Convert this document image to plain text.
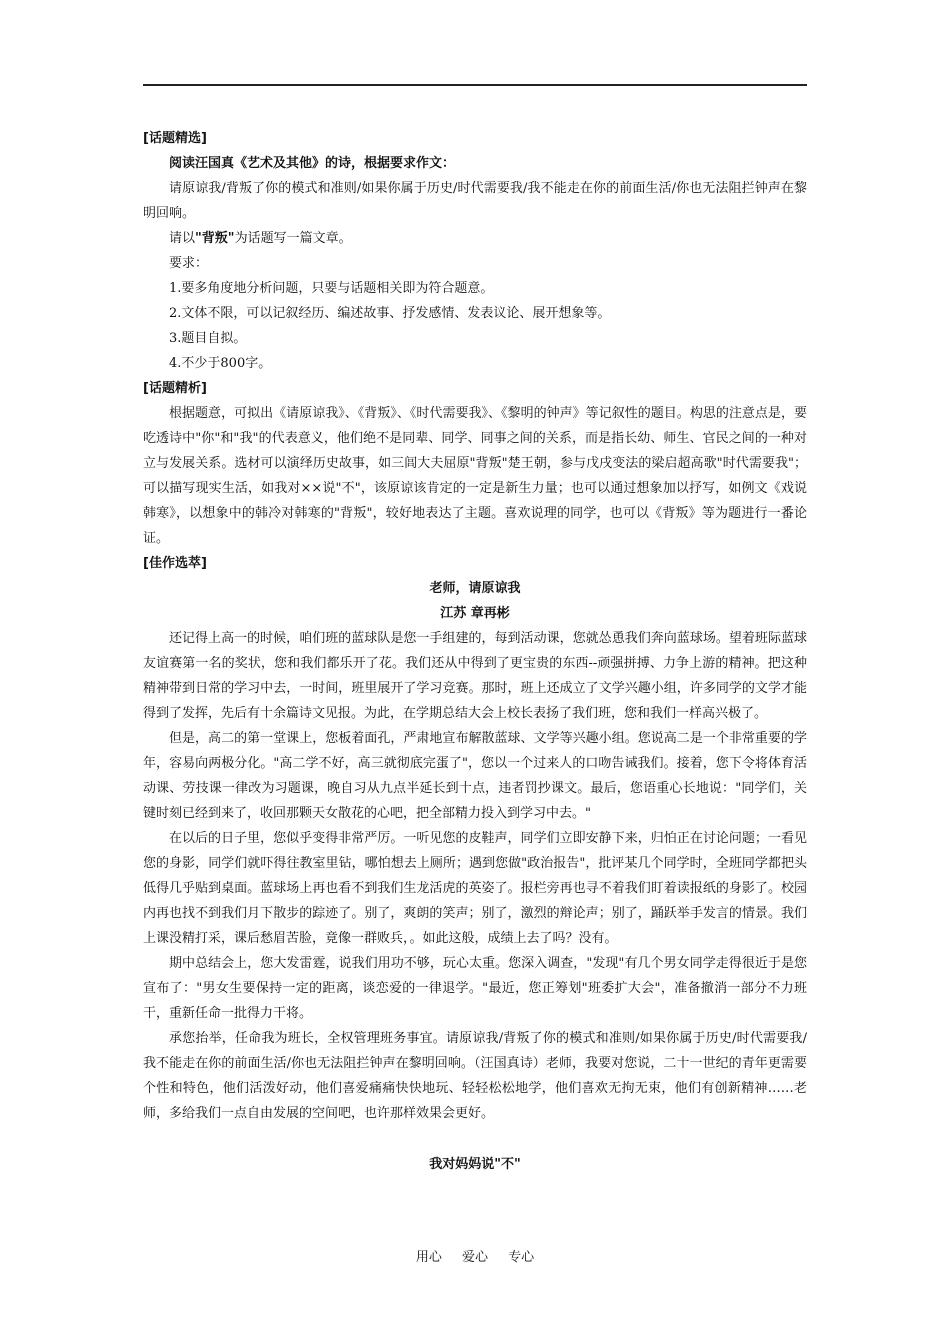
[话题精选]

阅读汪国真《艺术及其他》的诗，根据要求作文：

请原谅我/背叛了你的模式和准则/如果你属于历史/时代需要我/我不能走在你的前面生活/你也无法阻拦钟声在黎明回响。

请以"背叛"为话题写一篇文章。

要求：

1.要多角度地分析问题，只要与话题相关即为符合题意。

2.文体不限，可以记叙经历、编述故事、抒发感情、发表议论、展开想象等。

3.题目自拟。

4.不少于800字。

[话题精析]

根据题意，可拟出《请原谅我》、《背叛》、《时代需要我》、《黎明的钟声》等记叙性的题目。构思的注意点是，要吃透诗中"你"和"我"的代表意义，他们绝不是同辈、同学、同事之间的关系，而是指长幼、师生、官民之间的一种对立与发展关系。选材可以演绎历史故事，如三闾大夫屈原"背叛"楚王朝，参与戊戌变法的梁启超高歌"时代需要我"；可以描写现实生活，如我对××说"不"，该原谅该肯定的一定是新生力量；也可以通过想象加以抒写，如例文《戏说韩寒》，以想象中的韩冷对韩寒的"背叛"，较好地表达了主题。喜欢说理的同学，也可以《背叛》等为题进行一番论证。

[佳作选萃]

老师，请原谅我

江苏 章再彬

还记得上高一的时候，咱们班的蓝球队是您一手组建的，每到活动课，您就怂恿我们奔向蓝球场。望着班际蓝球友谊赛第一名的奖状，您和我们都乐开了花。我们还从中得到了更宝贵的东西--顽强拼搏、力争上游的精神。把这种精神带到日常的学习中去，一时间，班里展开了学习竞赛。那时，班上还成立了文学兴趣小组，许多同学的文学才能得到了发挥，先后有十余篇诗文见报。为此，在学期总结大会上校长表扬了我们班，您和我们一样高兴极了。

但是，高二的第一堂课上，您板着面孔，严肃地宣布解散蓝球、文学等兴趣小组。您说高二是一个非常重要的学年，容易向两极分化。"高二学不好，高三就彻底完蛋了"，您以一个过来人的口吻告诫我们。接着，您下令将体育活动课、劳技课一律改为习题课，晚自习从九点半延长到十点，违者罚抄课文。最后，您语重心长地说："同学们，关键时刻已经到来了，收回那颗天女散花的心吧，把全部精力投入到学习中去。"

在以后的日子里，您似乎变得非常严厉。一听见您的皮鞋声，同学们立即安静下来，归怕正在讨论问题；一看见您的身影，同学们就吓得往教室里钻，哪怕想去上厕所；遇到您做"政治报告"，批评某几个同学时，全班同学都把头低得几乎贴到桌面。蓝球场上再也看不到我们生龙活虎的英姿了。报栏旁再也寻不着我们盯着读报纸的身影了。校园内再也找不到我们月下散步的踪迹了。别了，爽朗的笑声；别了，激烈的辩论声；别了，踊跃举手发言的情景。我们上课没精打采，课后愁眉苦脸，竟像一群败兵，。如此这般，成绩上去了吗？没有。

期中总结会上，您大发雷霆，说我们用功不够，玩心太重。您深入调查，"发现"有几个男女同学走得很近于是您宣布了："男女生要保持一定的距离，谈恋爱的一律退学。"最近，您正筹划"班委扩大会"，准备撤消一部分不力班干，重新任命一批得力干将。

承您抬举，任命我为班长，全权管理班务事宜。请原谅我/背叛了你的模式和准则/如果你属于历史/时代需要我/我不能走在你的前面生活/你也无法阻拦钟声在黎明回响。（汪国真诗）老师，我要对您说，二十一世纪的青年更需要个性和特色，他们活泼好动，他们喜爱痛痛快快地玩、轻轻松松地学，他们喜欢无拘无束，他们有创新精神……老师，多给我们一点自由发展的空间吧，也许那样效果会更好。

我对妈妈说"不"

用心 爱心 专心
